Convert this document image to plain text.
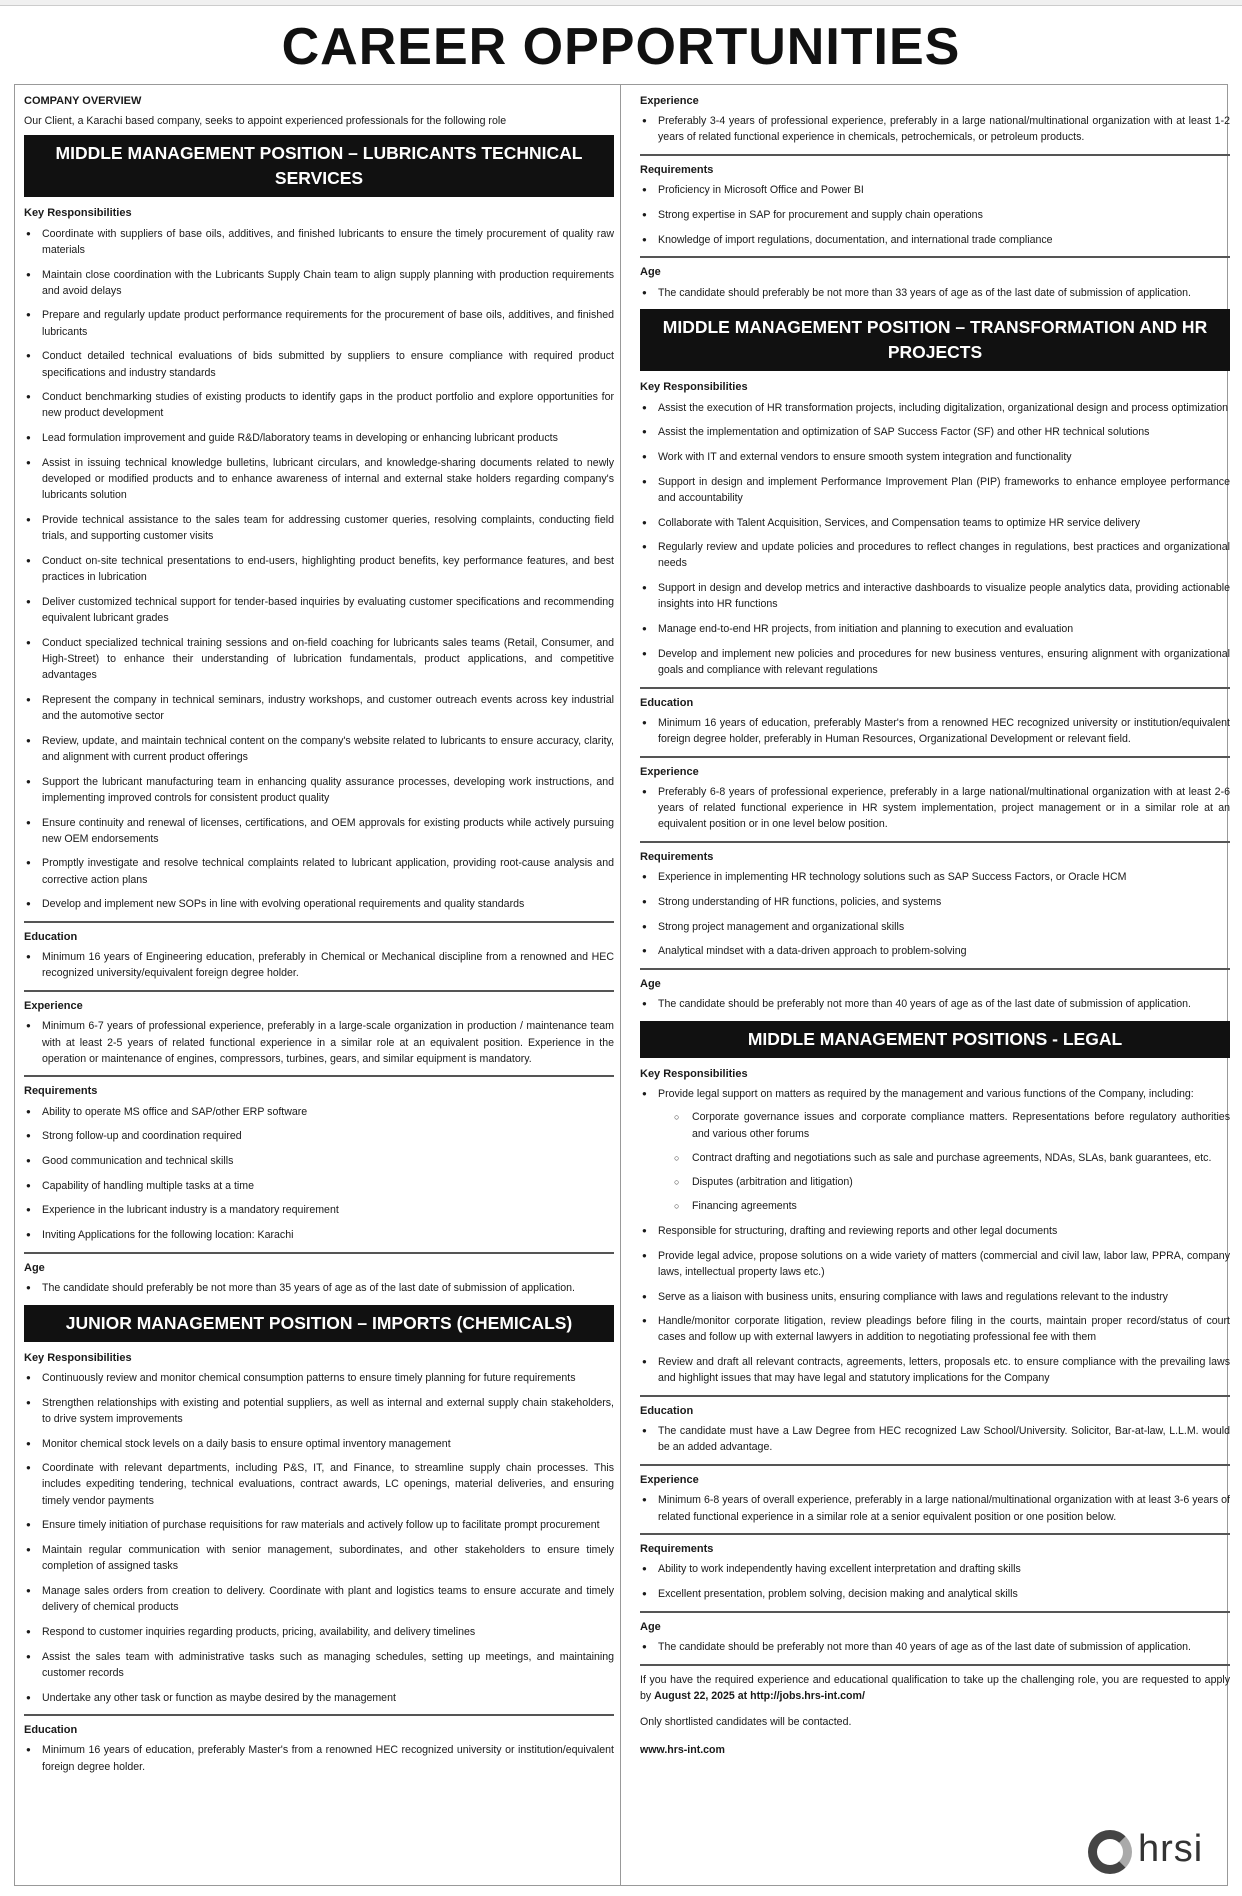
CAREER OPPORTUNITIES
COMPANY OVERVIEW
Our Client, a Karachi based company, seeks to appoint experienced professionals for the following role
MIDDLE MANAGEMENT POSITION – LUBRICANTS TECHNICAL SERVICES
Key Responsibilities
● Coordinate with suppliers of base oils, additives, and finished lubricants to ensure the timely procurement of quality raw materials
● Maintain close coordination with the Lubricants Supply Chain team to align supply planning with production requirements and avoid delays
● Prepare and regularly update product performance requirements for the procurement of base oils, additives, and finished lubricants
● Conduct detailed technical evaluations of bids submitted by suppliers to ensure compliance with required product specifications and industry standards
● Conduct benchmarking studies of existing products to identify gaps in the product portfolio and explore opportunities for new product development
● Lead formulation improvement and guide R&D/laboratory teams in developing or enhancing lubricant products
● Assist in issuing technical knowledge bulletins, lubricant circulars, and knowledge-sharing documents related to newly developed or modified products and to enhance awareness of internal and external stake holders regarding company's lubricants solution
● Provide technical assistance to the sales team for addressing customer queries, resolving complaints, conducting field trials, and supporting customer visits
● Conduct on-site technical presentations to end-users, highlighting product benefits, key performance features, and best practices in lubrication
● Deliver customized technical support for tender-based inquiries by evaluating customer specifications and recommending equivalent lubricant grades
● Conduct specialized technical training sessions and on-field coaching for lubricants sales teams (Retail, Consumer, and High-Street) to enhance their understanding of lubrication fundamentals, product applications, and competitive advantages
● Represent the company in technical seminars, industry workshops, and customer outreach events across key industrial and the automotive sector
● Review, update, and maintain technical content on the company's website related to lubricants to ensure accuracy, clarity, and alignment with current product offerings
● Support the lubricant manufacturing team in enhancing quality assurance processes, developing work instructions, and implementing improved controls for consistent product quality
● Ensure continuity and renewal of licenses, certifications, and OEM approvals for existing products while actively pursuing new OEM endorsements
● Promptly investigate and resolve technical complaints related to lubricant application, providing root-cause analysis and corrective action plans
● Develop and implement new SOPs in line with evolving operational requirements and quality standards
Education
● Minimum 16 years of Engineering education, preferably in Chemical or Mechanical discipline from a renowned and HEC recognized university/equivalent foreign degree holder.
Experience
● Minimum 6-7 years of professional experience, preferably in a large-scale organization in production / maintenance team with at least 2-5 years of related functional experience in a similar role at an equivalent position. Experience in the operation or maintenance of engines, compressors, turbines, gears, and similar equipment is mandatory.
Requirements
● Ability to operate MS office and SAP/other ERP software
● Strong follow-up and coordination required
● Good communication and technical skills
● Capability of handling multiple tasks at a time
● Experience in the lubricant industry is a mandatory requirement
● Inviting Applications for the following location: Karachi
Age
● The candidate should preferably be not more than 35 years of age as of the last date of submission of application.
JUNIOR MANAGEMENT POSITION – IMPORTS (CHEMICALS)
Key Responsibilities
● Continuously review and monitor chemical consumption patterns to ensure timely planning for future requirements
● Strengthen relationships with existing and potential suppliers, as well as internal and external supply chain stakeholders, to drive system improvements
● Monitor chemical stock levels on a daily basis to ensure optimal inventory management
● Coordinate with relevant departments, including P&S, IT, and Finance, to streamline supply chain processes. This includes expediting tendering, technical evaluations, contract awards, LC openings, material deliveries, and ensuring timely vendor payments
● Ensure timely initiation of purchase requisitions for raw materials and actively follow up to facilitate prompt procurement
● Maintain regular communication with senior management, subordinates, and other stakeholders to ensure timely completion of assigned tasks
● Manage sales orders from creation to delivery. Coordinate with plant and logistics teams to ensure accurate and timely delivery of chemical products
● Respond to customer inquiries regarding products, pricing, availability, and delivery timelines
● Assist the sales team with administrative tasks such as managing schedules, setting up meetings, and maintaining customer records
● Undertake any other task or function as maybe desired by the management
Education
● Minimum 16 years of education, preferably Master's from a renowned HEC recognized university or institution/equivalent foreign degree holder.
Experience
● Preferably 3-4 years of professional experience, preferably in a large national/multinational organization with at least 1-2 years of related functional experience in chemicals, petrochemicals, or petroleum products.
Requirements
● Proficiency in Microsoft Office and Power BI
● Strong expertise in SAP for procurement and supply chain operations
● Knowledge of import regulations, documentation, and international trade compliance
Age
● The candidate should preferably be not more than 33 years of age as of the last date of submission of application.
MIDDLE MANAGEMENT POSITION – TRANSFORMATION AND HR PROJECTS
Key Responsibilities
● Assist the execution of HR transformation projects, including digitalization, organizational design and process optimization
● Assist the implementation and optimization of SAP Success Factor (SF) and other HR technical solutions
● Work with IT and external vendors to ensure smooth system integration and functionality
● Support in design and implement Performance Improvement Plan (PIP) frameworks to enhance employee performance and accountability
● Collaborate with Talent Acquisition, Services, and Compensation teams to optimize HR service delivery
● Regularly review and update policies and procedures to reflect changes in regulations, best practices and organizational needs
● Support in design and develop metrics and interactive dashboards to visualize people analytics data, providing actionable insights into HR functions
● Manage end-to-end HR projects, from initiation and planning to execution and evaluation
● Develop and implement new policies and procedures for new business ventures, ensuring alignment with organizational goals and compliance with relevant regulations
Education
● Minimum 16 years of education, preferably Master's from a renowned HEC recognized university or institution/equivalent foreign degree holder, preferably in Human Resources, Organizational Development or relevant field.
Experience
● Preferably 6-8 years of professional experience, preferably in a large national/multinational organization with at least 2-6 years of related functional experience in HR system implementation, project management or in a similar role at an equivalent position or in one level below position.
Requirements
● Experience in implementing HR technology solutions such as SAP Success Factors, or Oracle HCM
● Strong understanding of HR functions, policies, and systems
● Strong project management and organizational skills
● Analytical mindset with a data-driven approach to problem-solving
Age
● The candidate should be preferably not more than 40 years of age as of the last date of submission of application.
MIDDLE MANAGEMENT POSITIONS - LEGAL
Key Responsibilities
● Provide legal support on matters as required by the management and various functions of the Company, including:
○ Corporate governance issues and corporate compliance matters. Representations before regulatory authorities and various other forums
○ Contract drafting and negotiations such as sale and purchase agreements, NDAs, SLAs, bank guarantees, etc.
○ Disputes (arbitration and litigation)
○ Financing agreements
● Responsible for structuring, drafting and reviewing reports and other legal documents
● Provide legal advice, propose solutions on a wide variety of matters (commercial and civil law, labor law, PPRA, company laws, intellectual property laws etc.)
● Serve as a liaison with business units, ensuring compliance with laws and regulations relevant to the industry
● Handle/monitor corporate litigation, review pleadings before filing in the courts, maintain proper record/status of court cases and follow up with external lawyers in addition to negotiating professional fee with them
● Review and draft all relevant contracts, agreements, letters, proposals etc. to ensure compliance with the prevailing laws and highlight issues that may have legal and statutory implications for the Company
Education
● The candidate must have a Law Degree from HEC recognized Law School/University. Solicitor, Bar-at-law, L.L.M. would be an added advantage.
Experience
● Minimum 6-8 years of overall experience, preferably in a large national/multinational organization with at least 3-6 years of related functional experience in a similar role at a senior equivalent position or one position below.
Requirements
● Ability to work independently having excellent interpretation and drafting skills
● Excellent presentation, problem solving, decision making and analytical skills
Age
● The candidate should be preferably not more than 40 years of age as of the last date of submission of application.
If you have the required experience and educational qualification to take up the challenging role, you are requested to apply by August 22, 2025 at http://jobs.hrs-int.com/
Only shortlisted candidates will be contacted.
www.hrs-int.com
hrsi
